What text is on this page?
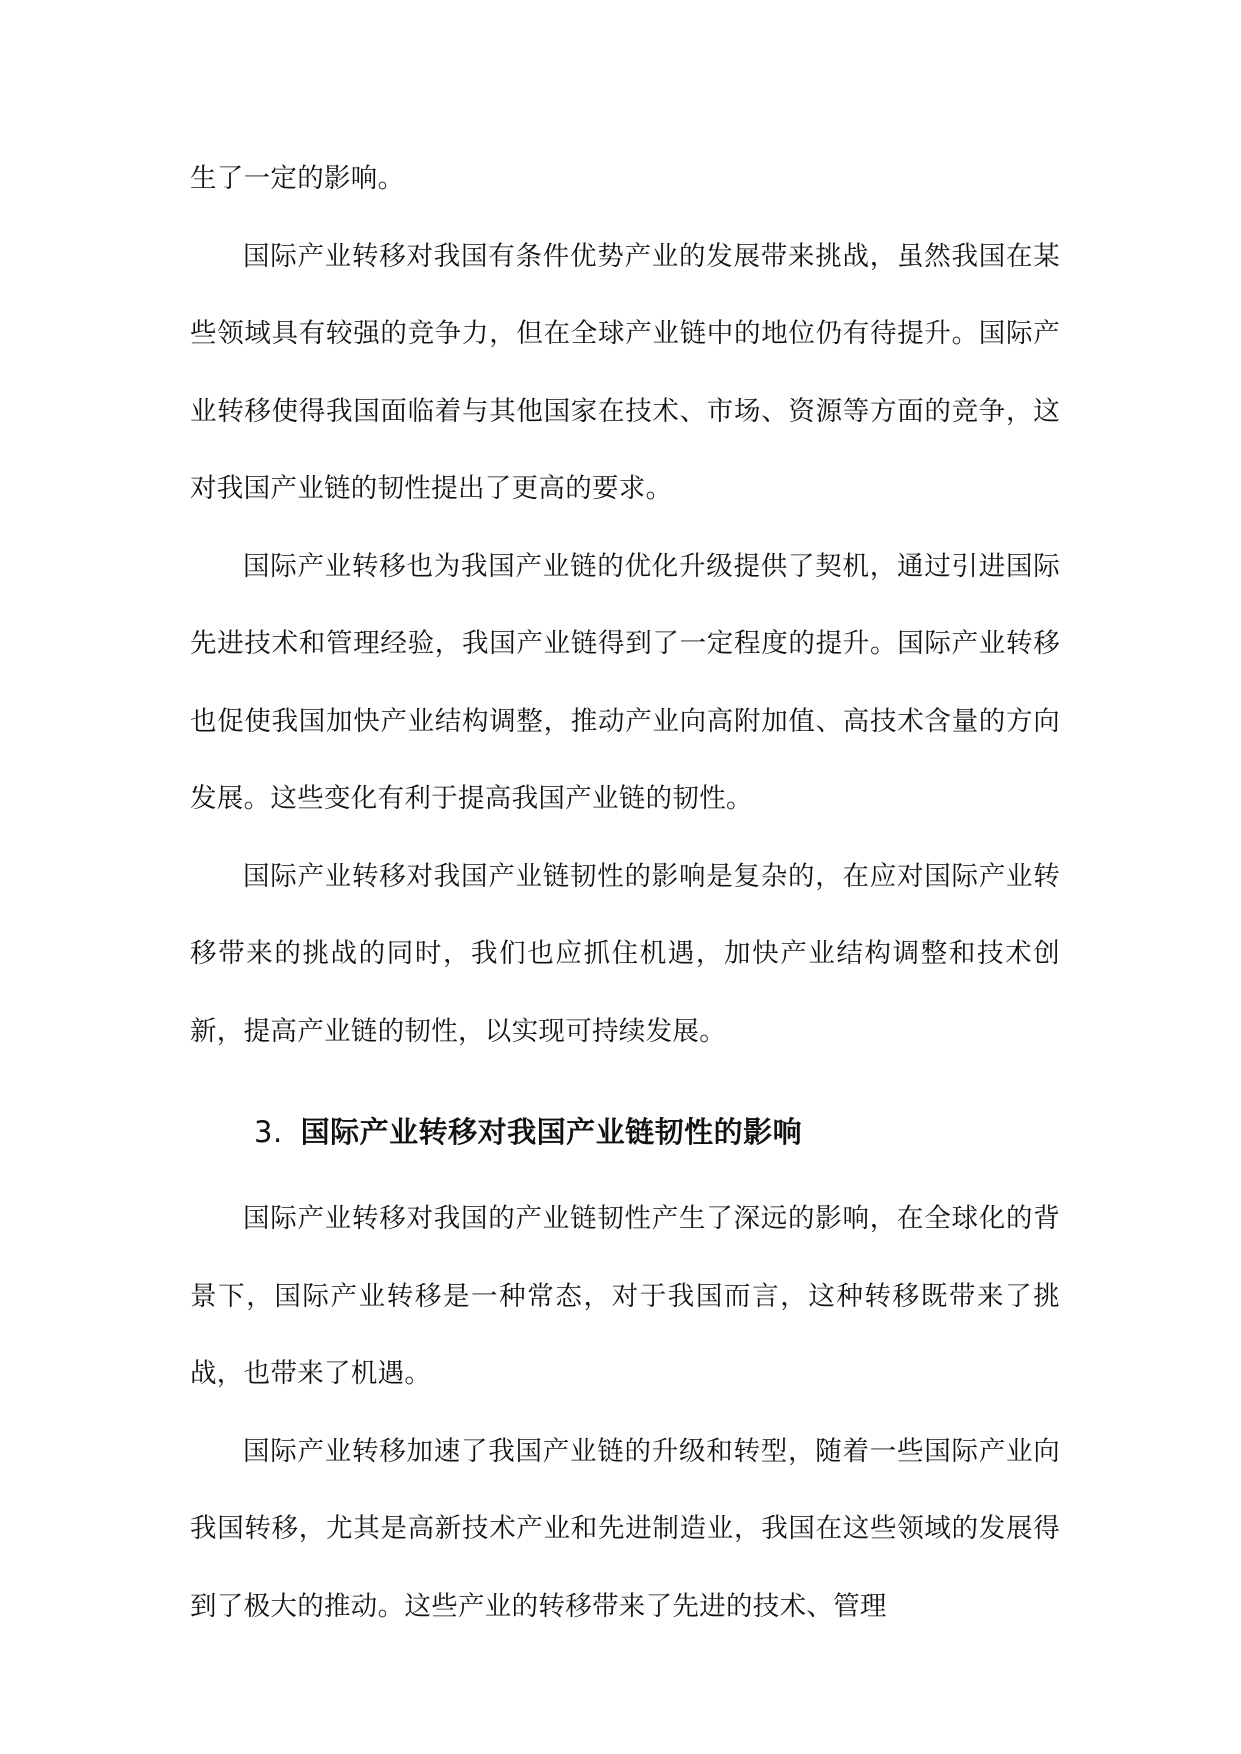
生了一定的影响。

国际产业转移对我国有条件优势产业的发展带来挑战，虽然我国在某些领域具有较强的竞争力，但在全球产业链中的地位仍有待提升。国际产业转移使得我国面临着与其他国家在技术、市场、资源等方面的竞争，这对我国产业链的韧性提出了更高的要求。

国际产业转移也为我国产业链的优化升级提供了契机，通过引进国际先进技术和管理经验，我国产业链得到了一定程度的提升。国际产业转移也促使我国加快产业结构调整，推动产业向高附加值、高技术含量的方向发展。这些变化有利于提高我国产业链的韧性。

国际产业转移对我国产业链韧性的影响是复杂的，在应对国际产业转移带来的挑战的同时，我们也应抓住机遇，加快产业结构调整和技术创新，提高产业链的韧性，以实现可持续发展。

3. 国际产业转移对我国产业链韧性的影响

国际产业转移对我国的产业链韧性产生了深远的影响，在全球化的背景下，国际产业转移是一种常态，对于我国而言，这种转移既带来了挑战，也带来了机遇。

国际产业转移加速了我国产业链的升级和转型，随着一些国际产业向我国转移，尤其是高新技术产业和先进制造业，我国在这些领域的发展得到了极大的推动。这些产业的转移带来了先进的技术、管理
